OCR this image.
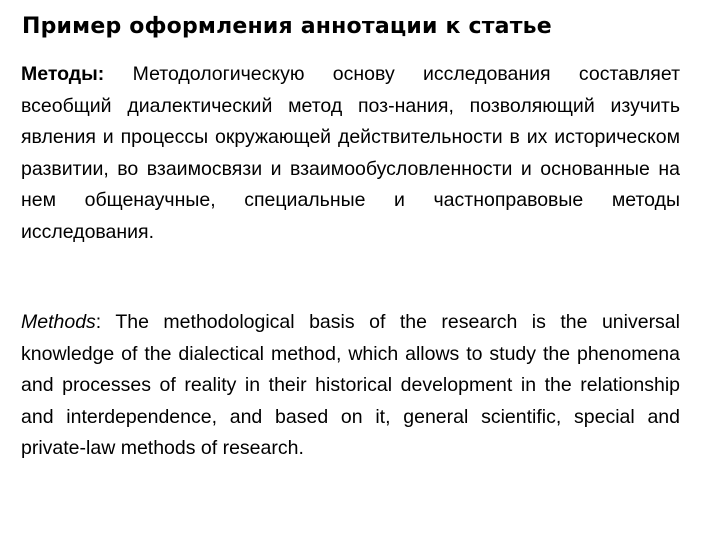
Пример оформления аннотации к статье

Методы: Методологическую основу исследования составляет всеобщий диалектический метод поз-нания, позволяющий изучить явления и процессы окружающей действительности в их историческом развитии, во взаимосвязи и взаимообусловленности и основанные на нем общенаучные, специальные и частноправовые методы исследования.

Methods: The methodological basis of the research is the universal knowledge of the dialectical method, which allows to study the phenomena and processes of reality in their historical development in the relationship and interdependence, and based on it, general scientific, special and private-law methods of research.
